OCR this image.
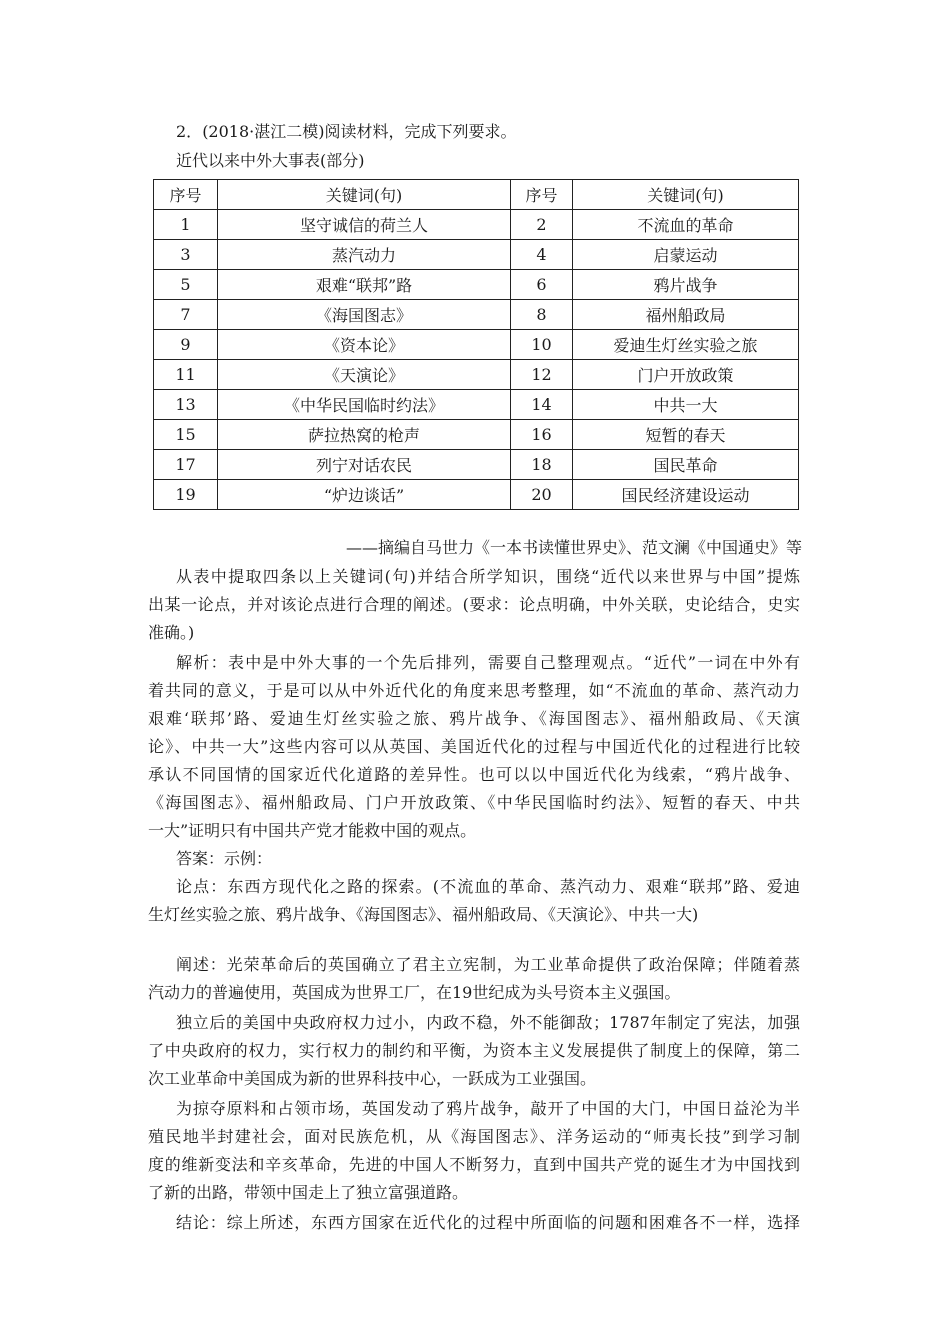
2．(2018·湛江二模)阅读材料，完成下列要求。
近代以来中外大事表(部分)
序号	关键词(句)	序号	关键词(句)
1	坚守诚信的荷兰人	2	不流血的革命
3	蒸汽动力	4	启蒙运动
5	艰难“联邦”路	6	鸦片战争
7	《海国图志》	8	福州船政局
9	《资本论》	10	爱迪生灯丝实验之旅
11	《天演论》	12	门户开放政策
13	《中华民国临时约法》	14	中共一大
15	萨拉热窝的枪声	16	短暂的春天
17	列宁对话农民	18	国民革命
19	“炉边谈话”	20	国民经济建设运动
——摘编自马世力《一本书读懂世界史》、范文澜《中国通史》等
从表中提取四条以上关键词(句)并结合所学知识，围绕“近代以来世界与中国”提炼
出某一论点，并对该论点进行合理的阐述。(要求：论点明确，中外关联，史论结合，史实
准确。)
解析：表中是中外大事的一个先后排列，需要自己整理观点。“近代”一词在中外有
着共同的意义，于是可以从中外近代化的角度来思考整理，如“不流血的革命、蒸汽动力
艰难‘联邦’路、爱迪生灯丝实验之旅、鸦片战争、《海国图志》、福州船政局、《天演
论》、中共一大”这些内容可以从英国、美国近代化的过程与中国近代化的过程进行比较
承认不同国情的国家近代化道路的差异性。也可以以中国近代化为线索，“鸦片战争、
《海国图志》、福州船政局、门户开放政策、《中华民国临时约法》、短暂的春天、中共
一大”证明只有中国共产党才能救中国的观点。
答案：示例：
论点：东西方现代化之路的探索。(不流血的革命、蒸汽动力、艰难“联邦”路、爱迪
生灯丝实验之旅、鸦片战争、《海国图志》、福州船政局、《天演论》、中共一大)
阐述：光荣革命后的英国确立了君主立宪制，为工业革命提供了政治保障；伴随着蒸
汽动力的普遍使用，英国成为世界工厂，在19世纪成为头号资本主义强国。
独立后的美国中央政府权力过小，内政不稳，外不能御敌；1787年制定了宪法，加强
了中央政府的权力，实行权力的制约和平衡，为资本主义发展提供了制度上的保障，第二
次工业革命中美国成为新的世界科技中心，一跃成为工业强国。
为掠夺原料和占领市场，英国发动了鸦片战争，敲开了中国的大门，中国日益沦为半
殖民地半封建社会，面对民族危机，从《海国图志》、洋务运动的“师夷长技”到学习制
度的维新变法和辛亥革命，先进的中国人不断努力，直到中国共产党的诞生才为中国找到
了新的出路，带领中国走上了独立富强道路。
结论：综上所述，东西方国家在近代化的过程中所面临的问题和困难各不一样，选择
